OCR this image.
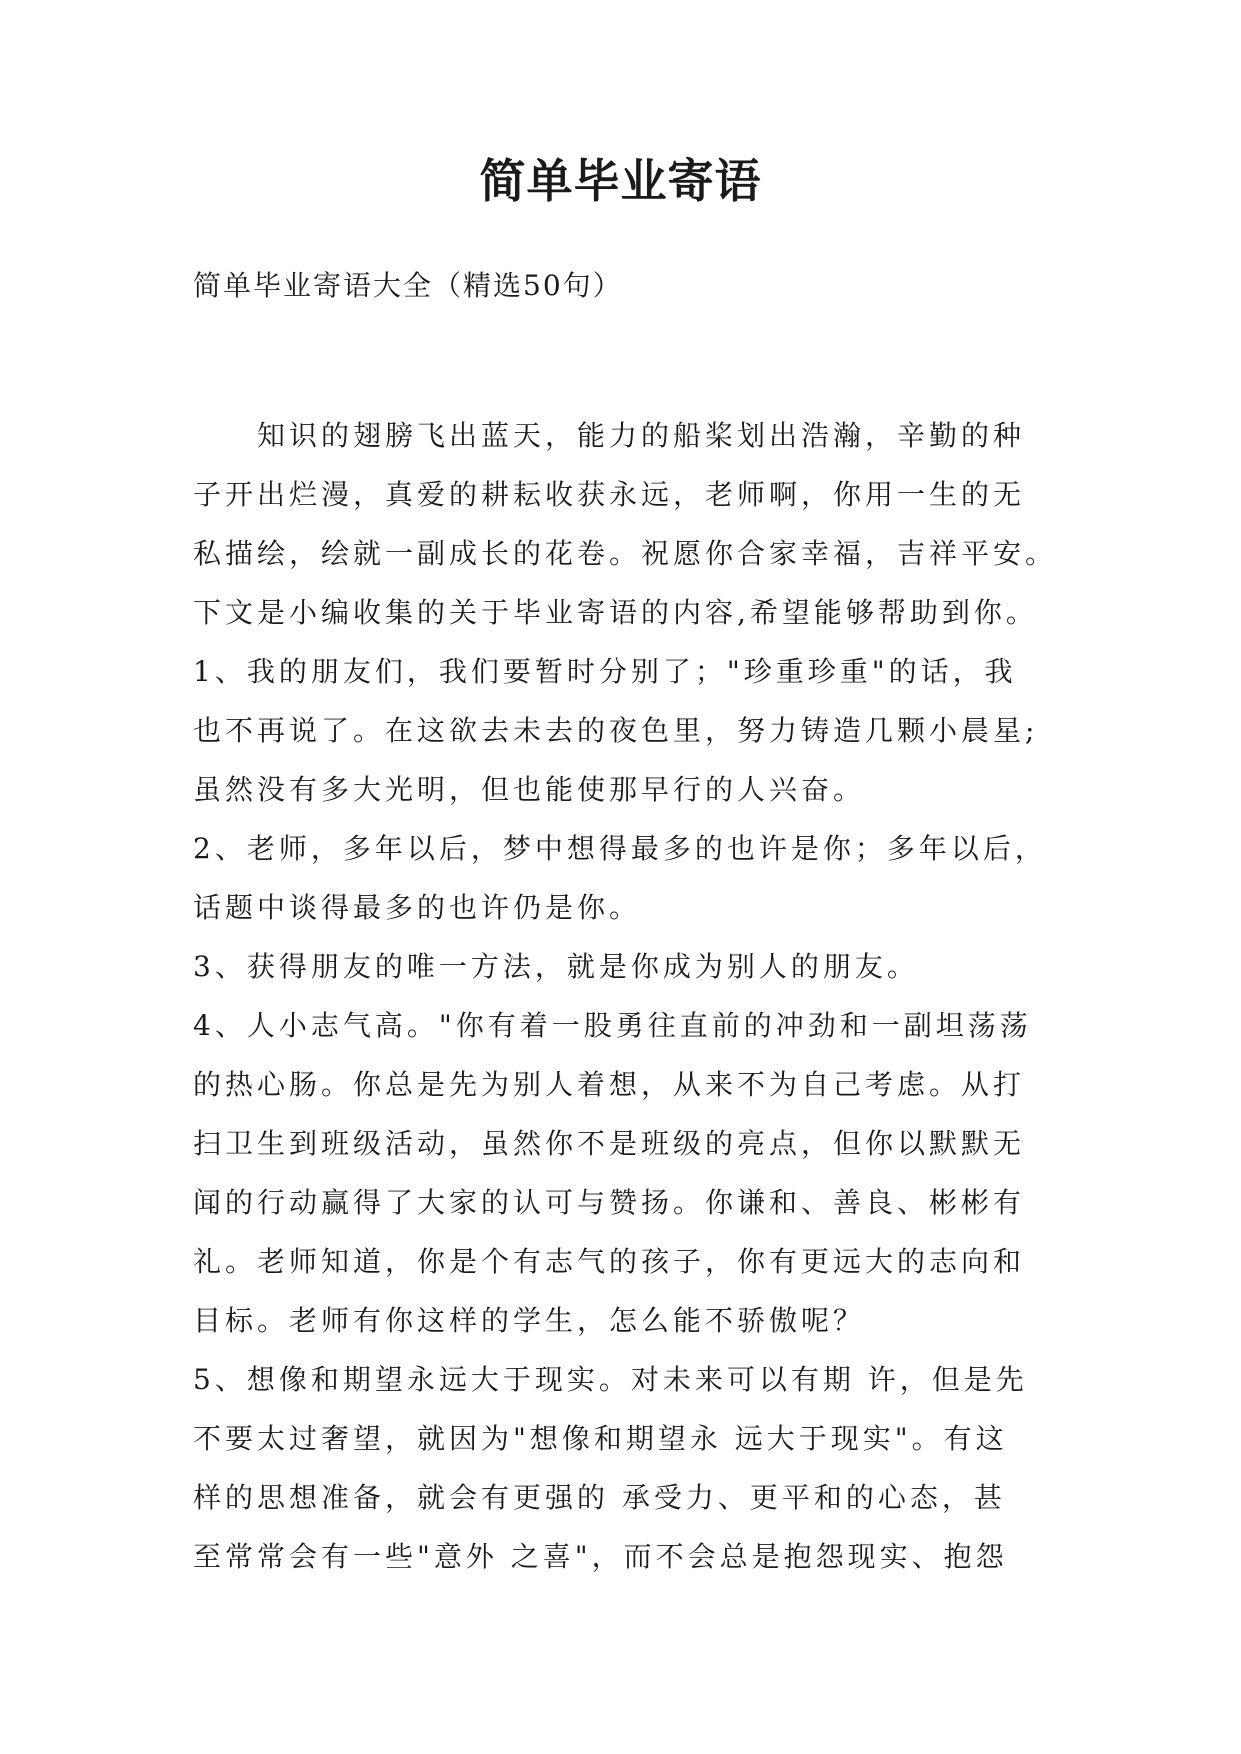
简单毕业寄语
简单毕业寄语大全（精选50句）
　　知识的翅膀飞出蓝天，能力的船桨划出浩瀚，辛勤的种
子开出烂漫，真爱的耕耘收获永远，老师啊，你用一生的无
私描绘，绘就一副成长的花卷。祝愿你合家幸福，吉祥平安。
下文是小编收集的关于毕业寄语的内容,希望能够帮助到你。
1、我的朋友们，我们要暂时分别了；"珍重珍重"的话，我
也不再说了。在这欲去未去的夜色里，努力铸造几颗小晨星;
虽然没有多大光明，但也能使那早行的人兴奋。
2、老师，多年以后，梦中想得最多的也许是你；多年以后，
话题中谈得最多的也许仍是你。
3、获得朋友的唯一方法，就是你成为别人的朋友。
4、人小志气高。"你有着一股勇往直前的冲劲和一副坦荡荡
的热心肠。你总是先为别人着想，从来不为自己考虑。从打
扫卫生到班级活动，虽然你不是班级的亮点，但你以默默无
闻的行动赢得了大家的认可与赞扬。你谦和、善良、彬彬有
礼。老师知道，你是个有志气的孩子，你有更远大的志向和
目标。老师有你这样的学生，怎么能不骄傲呢？
5、想像和期望永远大于现实。对未来可以有期 许，但是先
不要太过奢望，就因为"想像和期望永 远大于现实"。有这
样的思想准备，就会有更强的 承受力、更平和的心态，甚
至常常会有一些"意外 之喜"，而不会总是抱怨现实、抱怨
